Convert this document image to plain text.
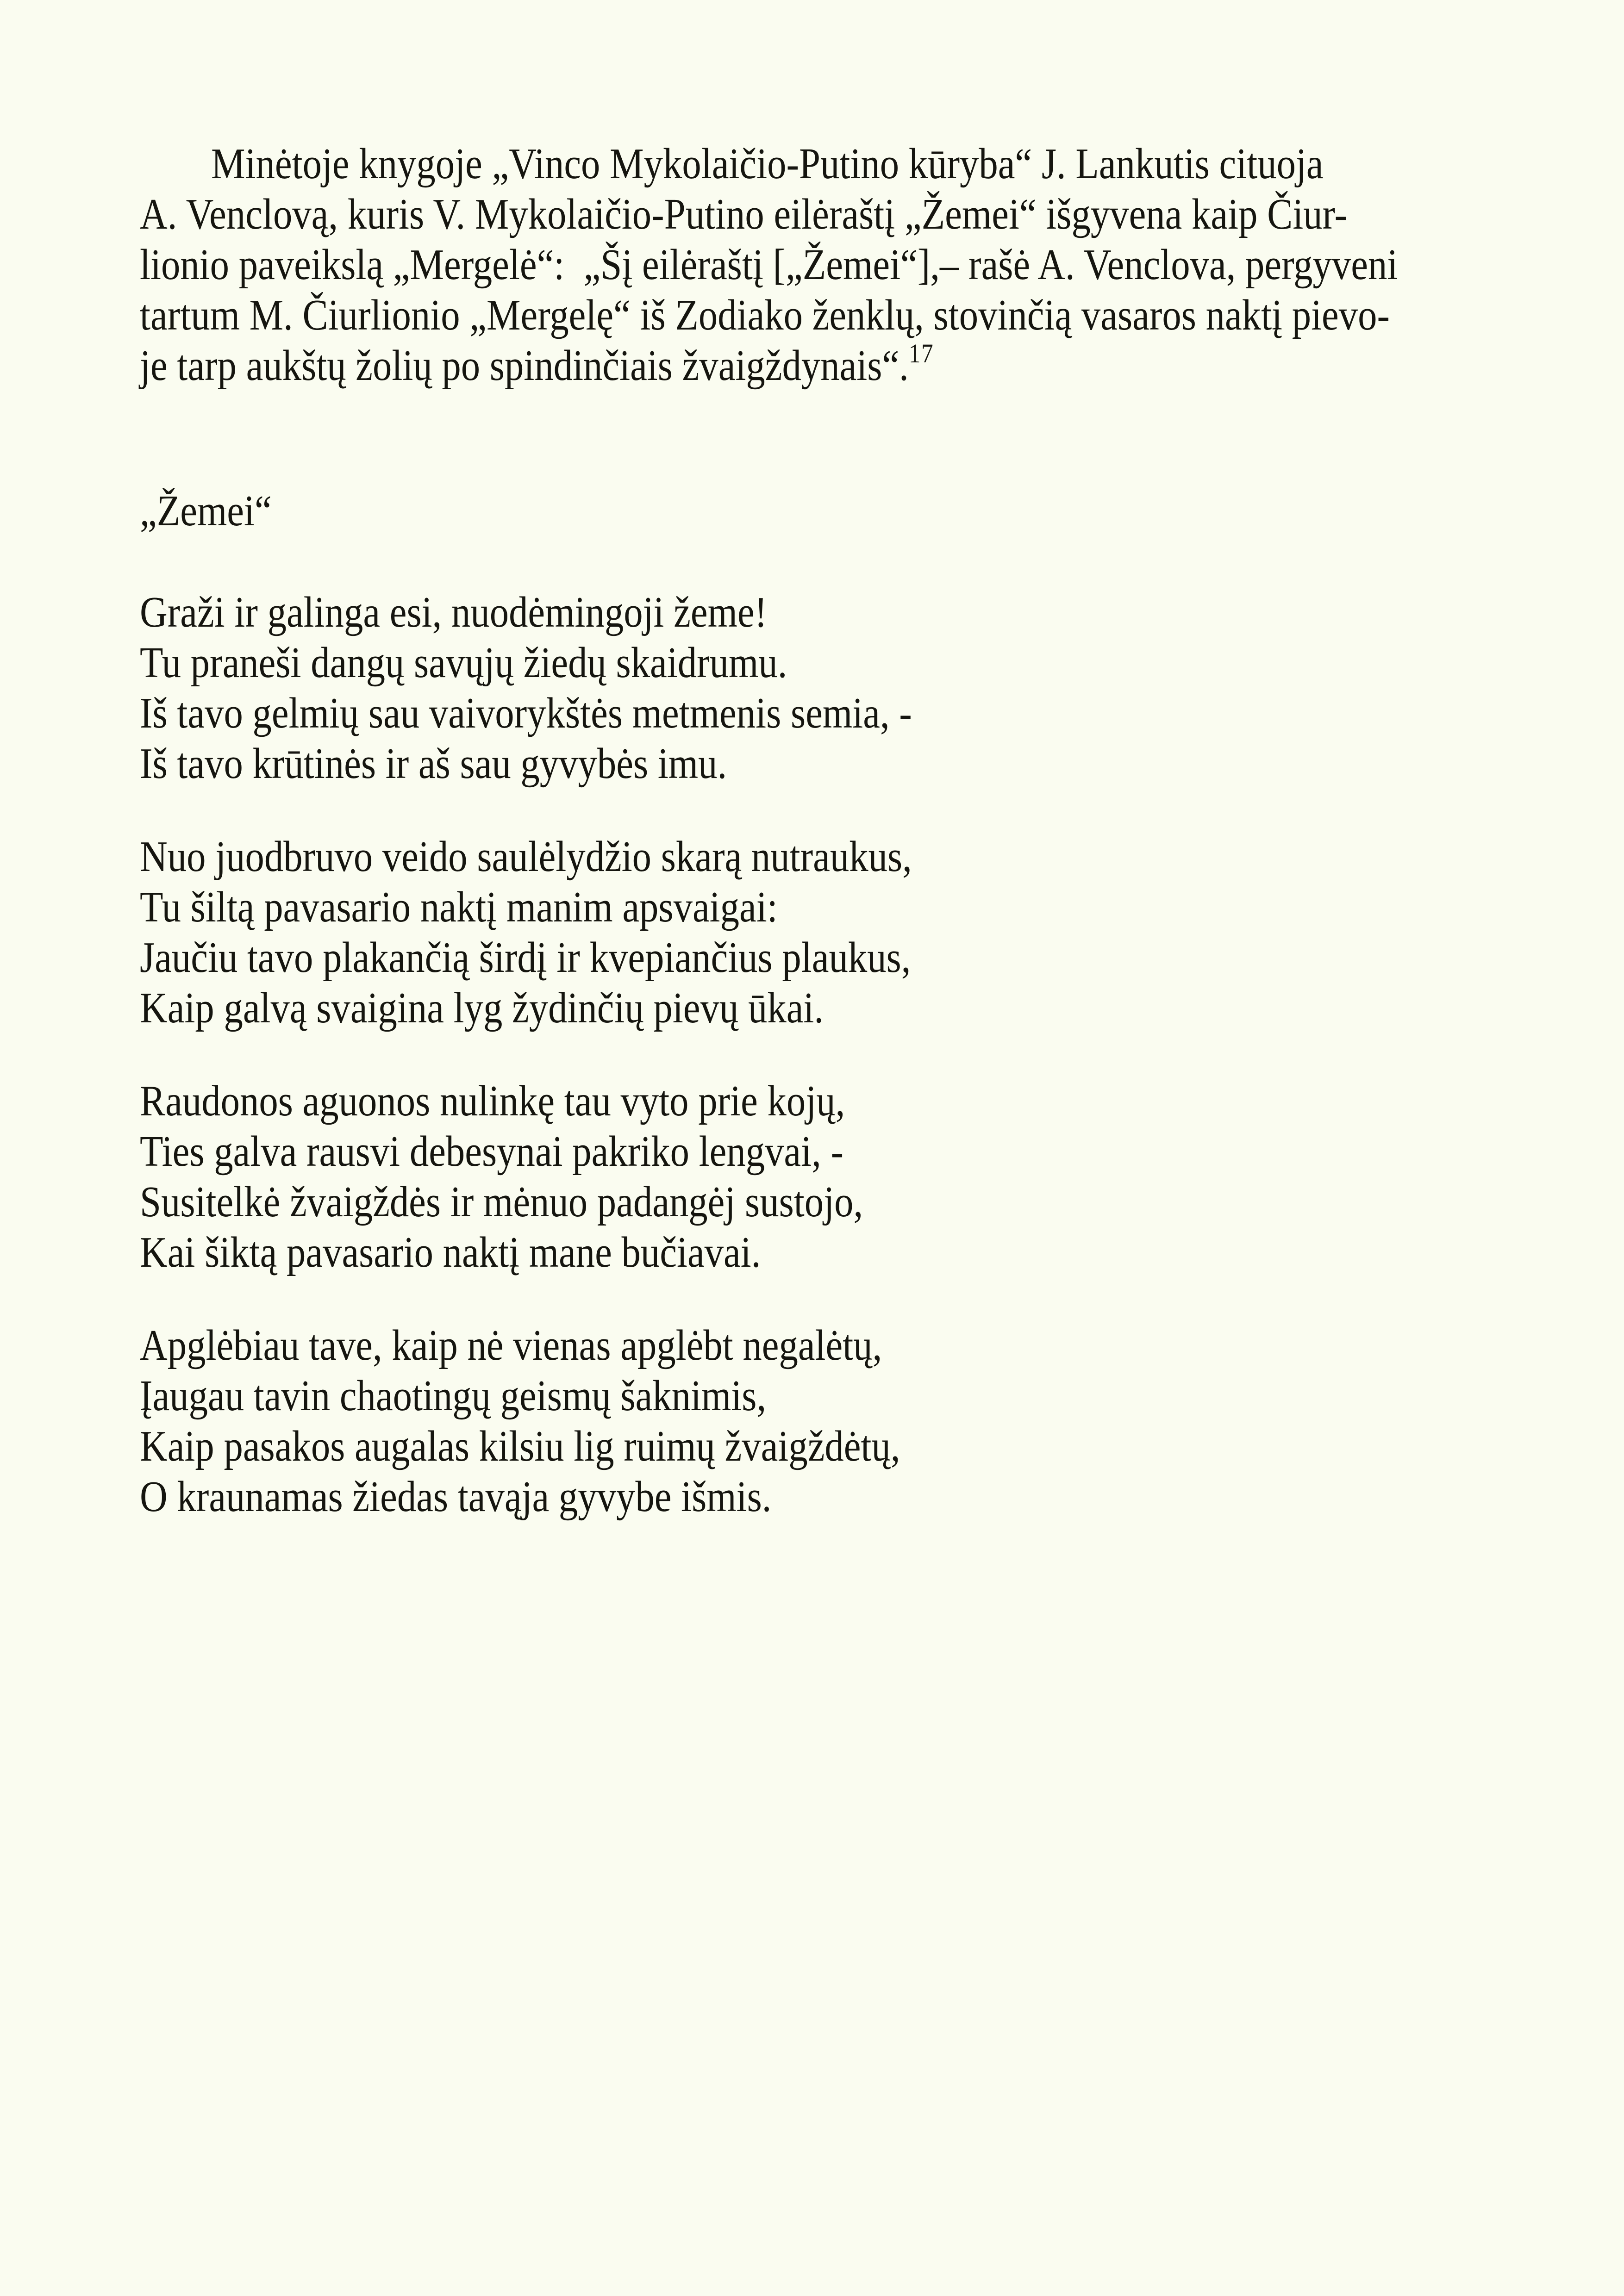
Minėtoje knygoje „Vinco Mykolaičio-Putino kūryba“ J. Lankutis cituoja
A. Venclovą, kuris V. Mykolaičio-Putino eilėraštį „Žemei“ išgyvena kaip Čiur-
lionio paveikslą „Mergelė“:  „Šį eilėraštį [„Žemei“],– rašė A. Venclova, pergyveni
tartum M. Čiurlionio „Mergelę“ iš Zodiako ženklų, stovinčią vasaros naktį pievo-
je tarp aukštų žolių po spindinčiais žvaigždynais“.$^{17}$
„Žemei“
Graži ir galinga esi, nuodėmingoji žeme!
Tu praneši dangų savųjų žiedų skaidrumu.
Iš tavo gelmių sau vaivorykštės metmenis semia, -
Iš tavo krūtinės ir aš sau gyvybės imu.
Nuo juodbruvo veido saulėlydžio skarą nutraukus,
Tu šiltą pavasario naktį manim apsvaigai:
Jaučiu tavo plakančią širdį ir kvepiančius plaukus,
Kaip galvą svaigina lyg žydinčių pievų ūkai.
Raudonos aguonos nulinkę tau vyto prie kojų,
Ties galva rausvi debesynai pakriko lengvai, -
Susitelkė žvaigždės ir mėnuo padangėj sustojo,
Kai šiktą pavasario naktį mane bučiavai.
Apglėbiau tave, kaip nė vienas apglėbt negalėtų,
Įaugau tavin chaotingų geismų šaknimis,
Kaip pasakos augalas kilsiu lig ruimų žvaigždėtų,
O kraunamas žiedas tavąja gyvybe išmis.
